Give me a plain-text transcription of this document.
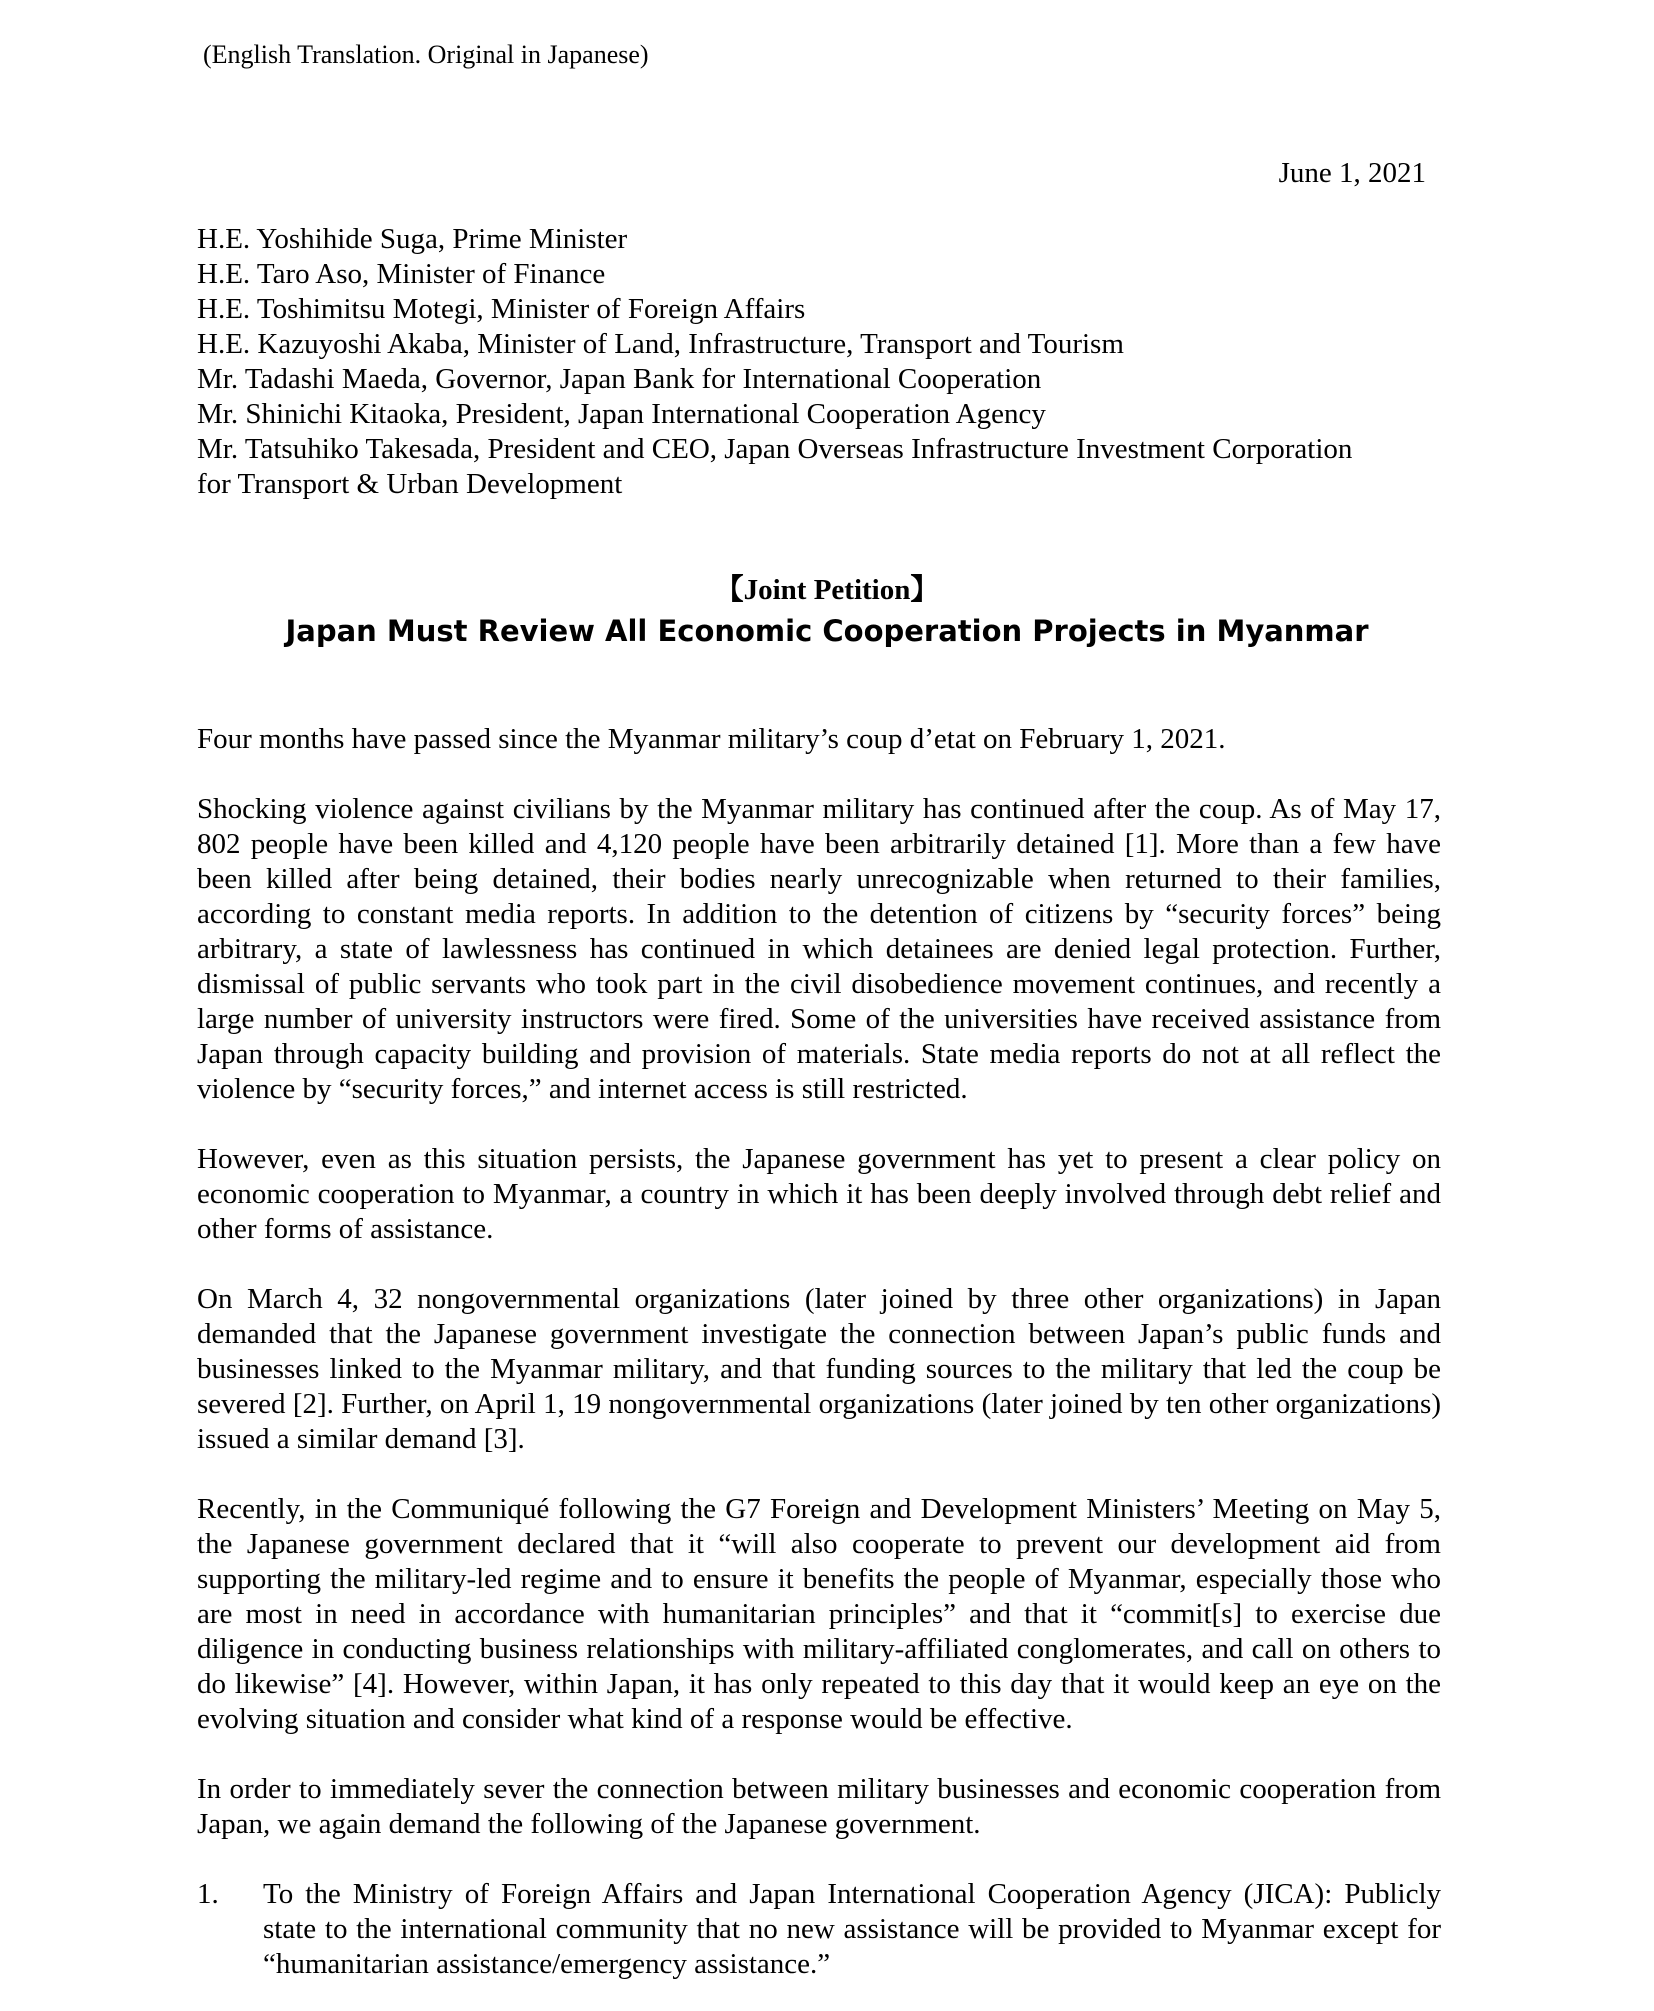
(English Translation. Original in Japanese)
June 1, 2021
H.E. Yoshihide Suga, Prime Minister
H.E. Taro Aso, Minister of Finance
H.E. Toshimitsu Motegi, Minister of Foreign Affairs
H.E. Kazuyoshi Akaba, Minister of Land, Infrastructure, Transport and Tourism
Mr. Tadashi Maeda, Governor, Japan Bank for International Cooperation
Mr. Shinichi Kitaoka, President, Japan International Cooperation Agency
Mr. Tatsuhiko Takesada, President and CEO, Japan Overseas Infrastructure Investment Corporation
for Transport & Urban Development
【Joint Petition】
Japan Must Review All Economic Cooperation Projects in Myanmar

Four months have passed since the Myanmar military’s coup d’etat on February 1, 2021.

Shocking violence against civilians by the Myanmar military has continued after the coup. As of May 17, 802 people have been killed and 4,120 people have been arbitrarily detained [1]. More than a few have been killed after being detained, their bodies nearly unrecognizable when returned to their families, according to constant media reports. In addition to the detention of citizens by “security forces” being arbitrary, a state of lawlessness has continued in which detainees are denied legal protection. Further, dismissal of public servants who took part in the civil disobedience movement continues, and recently a large number of university instructors were fired. Some of the universities have received assistance from Japan through capacity building and provision of materials. State media reports do not at all reflect the violence by “security forces,” and internet access is still restricted.

However, even as this situation persists, the Japanese government has yet to present a clear policy on economic cooperation to Myanmar, a country in which it has been deeply involved through debt relief and other forms of assistance.

On March 4, 32 nongovernmental organizations (later joined by three other organizations) in Japan demanded that the Japanese government investigate the connection between Japan’s public funds and businesses linked to the Myanmar military, and that funding sources to the military that led the coup be severed [2]. Further, on April 1, 19 nongovernmental organizations (later joined by ten other organizations) issued a similar demand [3].

Recently, in the Communiqué following the G7 Foreign and Development Ministers’ Meeting on May 5, the Japanese government declared that it “will also cooperate to prevent our development aid from supporting the military-led regime and to ensure it benefits the people of Myanmar, especially those who are most in need in accordance with humanitarian principles” and that it “commit[s] to exercise due diligence in conducting business relationships with military-affiliated conglomerates, and call on others to do likewise” [4]. However, within Japan, it has only repeated to this day that it would keep an eye on the evolving situation and consider what kind of a response would be effective.

In order to immediately sever the connection between military businesses and economic cooperation from Japan, we again demand the following of the Japanese government.

1. To the Ministry of Foreign Affairs and Japan International Cooperation Agency (JICA): Publicly state to the international community that no new assistance will be provided to Myanmar except for “humanitarian assistance/emergency assistance.”
